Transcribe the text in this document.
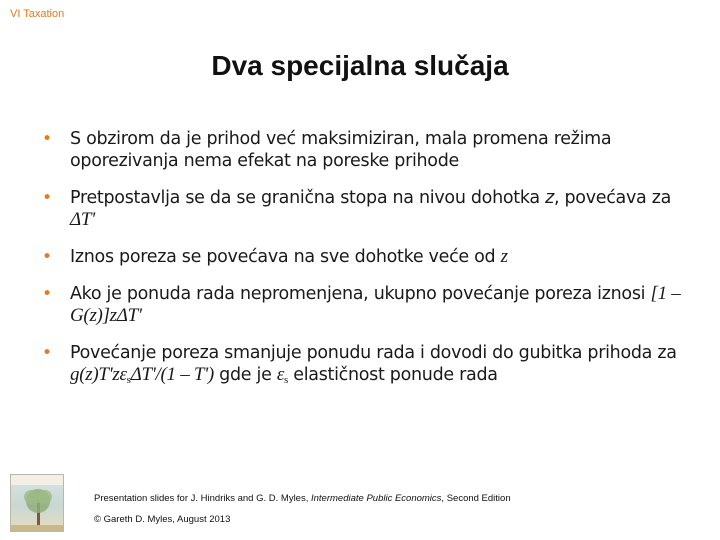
VI Taxation
Dva specijalna slučaja
• S obzirom da je prihod već maksimiziran, mala promena režima oporezivanja nema efekat na poreske prihode
• Pretpostavlja se da se granična stopa na nivou dohotka z, povećava za ΔT'
• Iznos poreza se povećava na sve dohotke veće od z
• Ako je ponuda rada nepromenjena, ukupno povećanje poreza iznosi [1 – G(z)]zΔT'
• Povećanje poreza smanjuje ponudu rada i dovodi do gubitka prihoda za $g(z)T'z\varepsilon_s\Delta T'/(1 - T')$ gde je $\varepsilon_s$ elastičnost ponude rada
Presentation slides for J. Hindriks and G. D. Myles, Intermediate Public Economics, Second Edition
© Gareth D. Myles, August 2013
